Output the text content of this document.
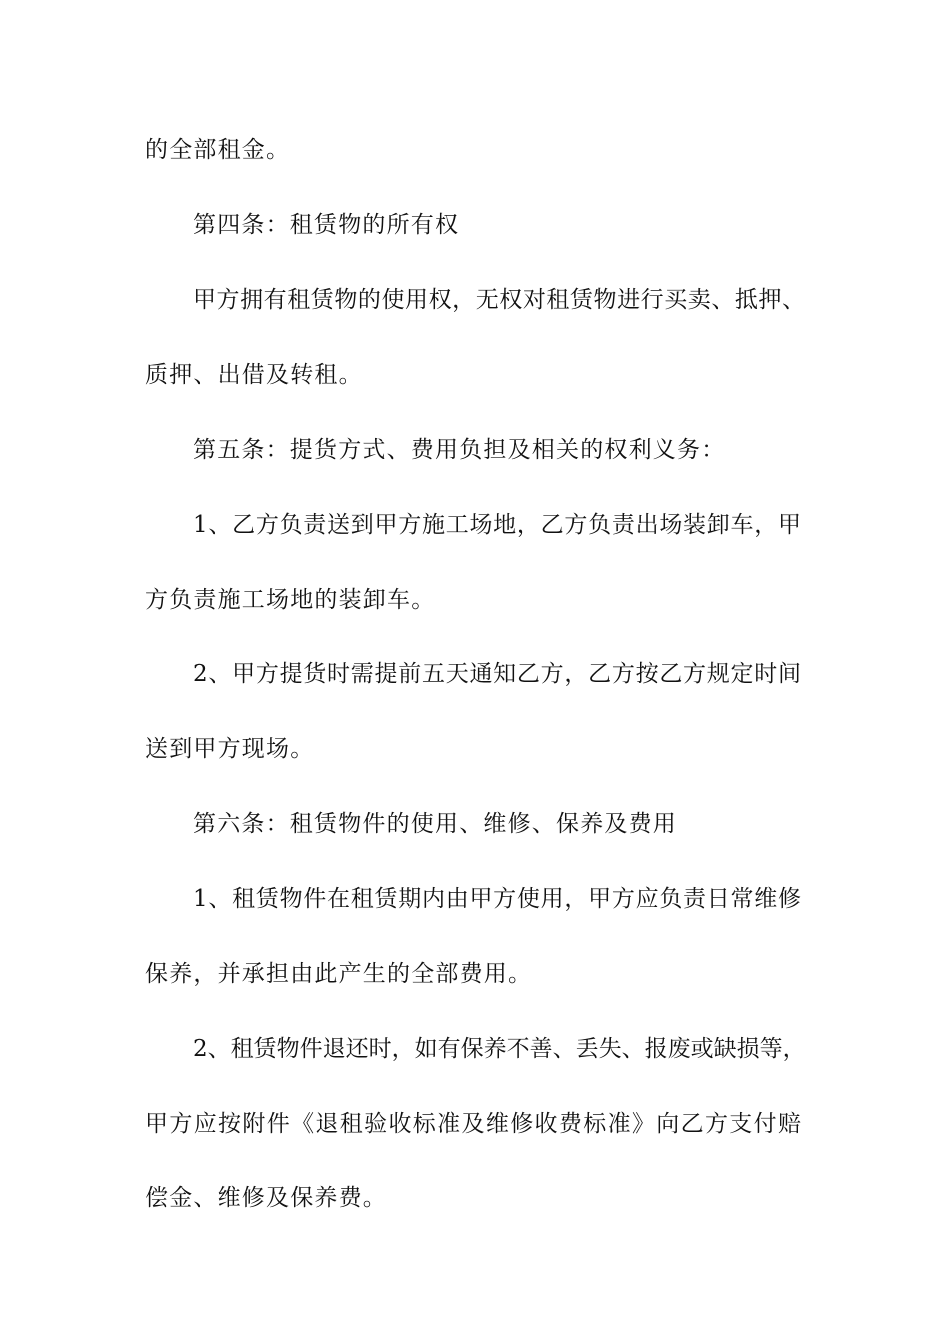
的全部租金。
第四条：租赁物的所有权
甲方拥有租赁物的使用权，无权对租赁物进行买卖、抵押、
质押、出借及转租。
第五条：提货方式、费用负担及相关的权利义务：
1、乙方负责送到甲方施工场地，乙方负责出场装卸车，甲
方负责施工场地的装卸车。
2、甲方提货时需提前五天通知乙方，乙方按乙方规定时间
送到甲方现场。
第六条：租赁物件的使用、维修、保养及费用
1、租赁物件在租赁期内由甲方使用，甲方应负责日常维修
保养，并承担由此产生的全部费用。
2、租赁物件退还时，如有保养不善、丢失、报废或缺损等，
甲方应按附件《退租验收标准及维修收费标准》向乙方支付赔
偿金、维修及保养费。
